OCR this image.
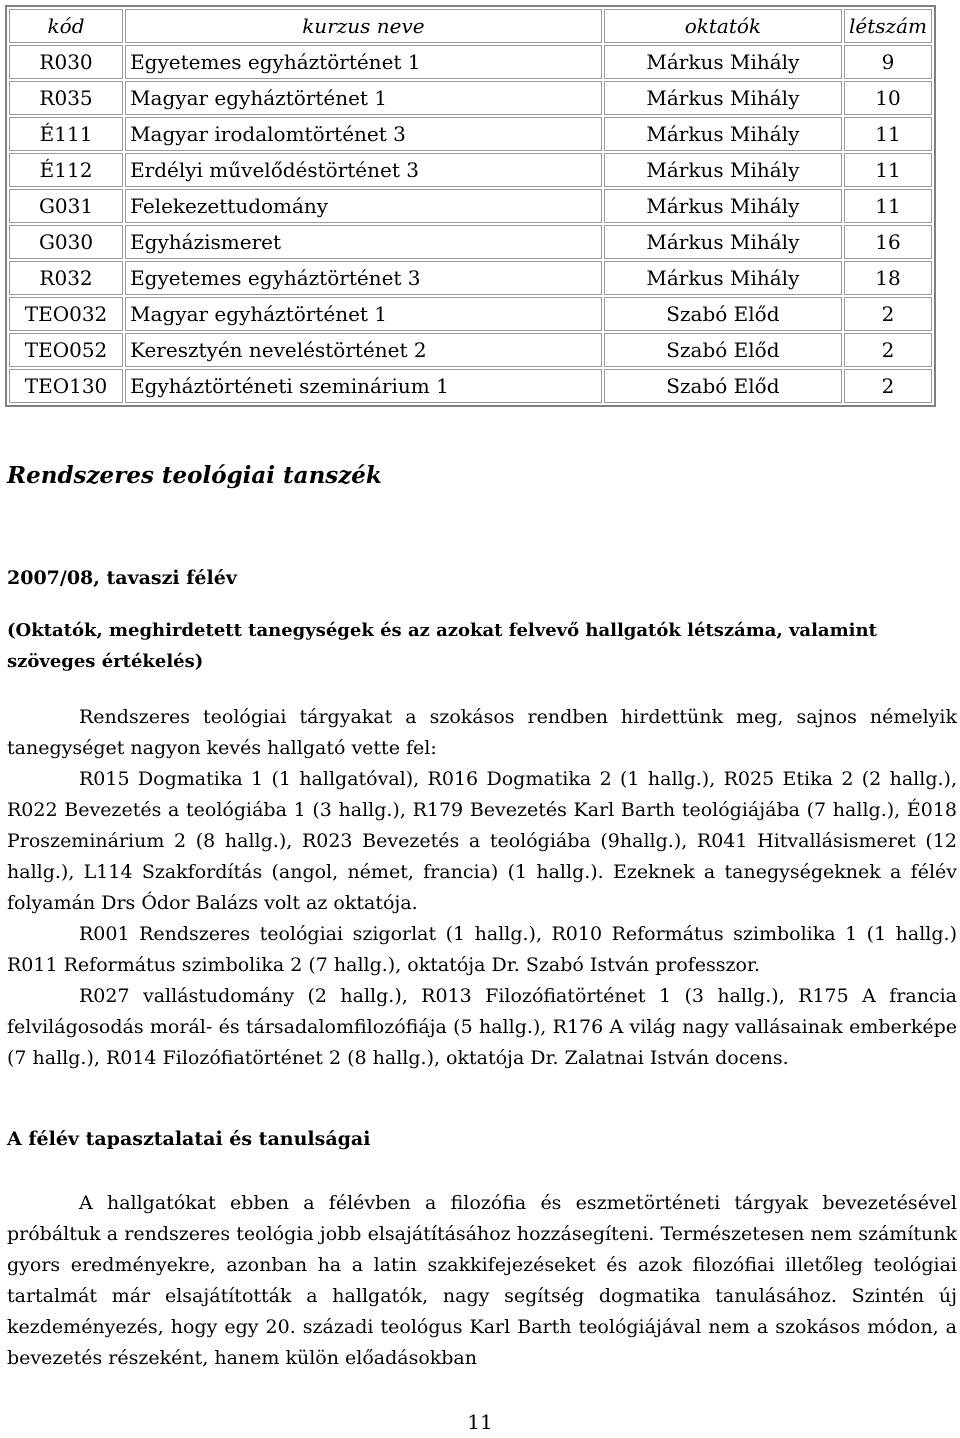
kód	kurzus neve	oktatók	létszám
R030	Egyetemes egyháztörténet 1	Márkus Mihály	9
R035	Magyar egyháztörténet 1	Márkus Mihály	10
É111	Magyar irodalomtörténet 3	Márkus Mihály	11
É112	Erdélyi művelődéstörténet 3	Márkus Mihály	11
G031	Felekezettudomány	Márkus Mihály	11
G030	Egyházismeret	Márkus Mihály	16
R032	Egyetemes egyháztörténet 3	Márkus Mihály	18
TEO032	Magyar egyháztörténet 1	Szabó Előd	2
TEO052	Keresztyén neveléstörténet 2	Szabó Előd	2
TEO130	Egyháztörténeti szeminárium 1	Szabó Előd	2
Rendszeres teológiai tanszék
2007/08, tavaszi félév

(Oktatók, meghirdetett tanegységek és az azokat felvevő hallgatók létszáma, valamint szöveges értékelés)

Rendszeres teológiai tárgyakat a szokásos rendben hirdettünk meg, sajnos némelyik tanegységet nagyon kevés hallgató vette fel:

R015 Dogmatika 1 (1 hallgatóval), R016 Dogmatika 2 (1 hallg.), R025 Etika 2 (2 hallg.), R022 Bevezetés a teológiába 1 (3 hallg.), R179 Bevezetés Karl Barth teológiájába (7 hallg.), É018 Proszeminárium 2 (8 hallg.), R023 Bevezetés a teológiába (9hallg.), R041 Hitvallásismeret (12 hallg.), L114 Szakfordítás (angol, német, francia) (1 hallg.). Ezeknek a tanegységeknek a félév folyamán Drs Ódor Balázs volt az oktatója.

R001 Rendszeres teológiai szigorlat (1 hallg.), R010 Református szimbolika 1 (1 hallg.) R011 Református szimbolika 2 (7 hallg.), oktatója Dr. Szabó István professzor.

R027 vallástudomány (2 hallg.), R013 Filozófiatörténet 1 (3 hallg.), R175 A francia felvilágosodás morál- és társadalomfilozófiája (5 hallg.), R176 A világ nagy vallásainak emberképe (7 hallg.), R014 Filozófiatörténet 2 (8 hallg.), oktatója Dr. Zalatnai István docens.

A félév tapasztalatai és tanulságai

A hallgatókat ebben a félévben a filozófia és eszmetörténeti tárgyak bevezetésével próbáltuk a rendszeres teológia jobb elsajátításához hozzásegíteni. Természetesen nem számítunk gyors eredményekre, azonban ha a latin szakkifejezéseket és azok filozófiai illetőleg teológiai tartalmát már elsajátították a hallgatók, nagy segítség dogmatika tanulásához. Szintén új kezdeményezés, hogy egy 20. századi teológus Karl Barth teológiájával nem a szokásos módon, a bevezetés részeként, hanem külön előadásokban

11
